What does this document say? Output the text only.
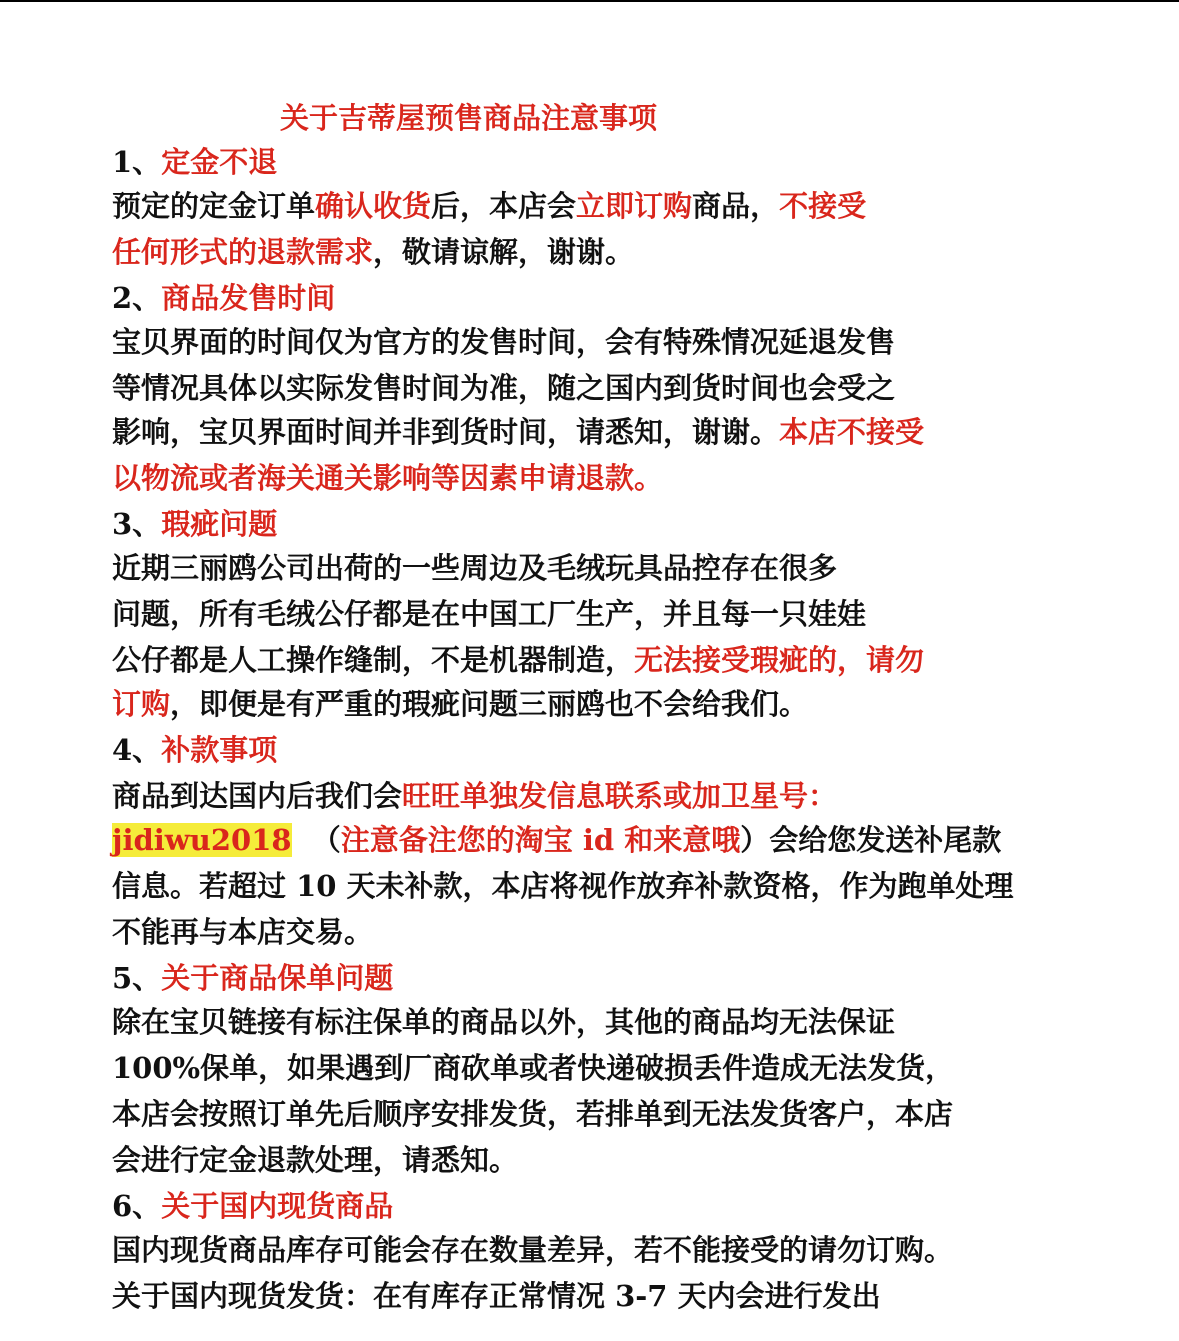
关于吉蒂屋预售商品注意事项
1、定金不退
预定的定金订单确认收货后，本店会立即订购商品，不接受
任何形式的退款需求，敬请谅解，谢谢。
2、商品发售时间
宝贝界面的时间仅为官方的发售时间，会有特殊情况延退发售
等情况具体以实际发售时间为准，随之国内到货时间也会受之
影响，宝贝界面时间并非到货时间，请悉知，谢谢。本店不接受
以物流或者海关通关影响等因素申请退款。
3、瑕疵问题
近期三丽鸥公司出荷的一些周边及毛绒玩具品控存在很多
问题，所有毛绒公仔都是在中国工厂生产，并且每一只娃娃
公仔都是人工操作缝制，不是机器制造，无法接受瑕疵的，请勿
订购，即便是有严重的瑕疵问题三丽鸥也不会给我们。
4、补款事项
商品到达国内后我们会旺旺单独发信息联系或加卫星号：
jidiwu2018  （注意备注您的淘宝 id 和来意哦）会给您发送补尾款
信息。若超过 10 天未补款，本店将视作放弃补款资格，作为跑单处理
不能再与本店交易。
5、关于商品保单问题
除在宝贝链接有标注保单的商品以外，其他的商品均无法保证
100%保单，如果遇到厂商砍单或者快递破损丢件造成无法发货，
本店会按照订单先后顺序安排发货，若排单到无法发货客户，本店
会进行定金退款处理，请悉知。
6、关于国内现货商品
国内现货商品库存可能会存在数量差异，若不能接受的请勿订购。
关于国内现货发货：在有库存正常情况 3-7 天内会进行发出
